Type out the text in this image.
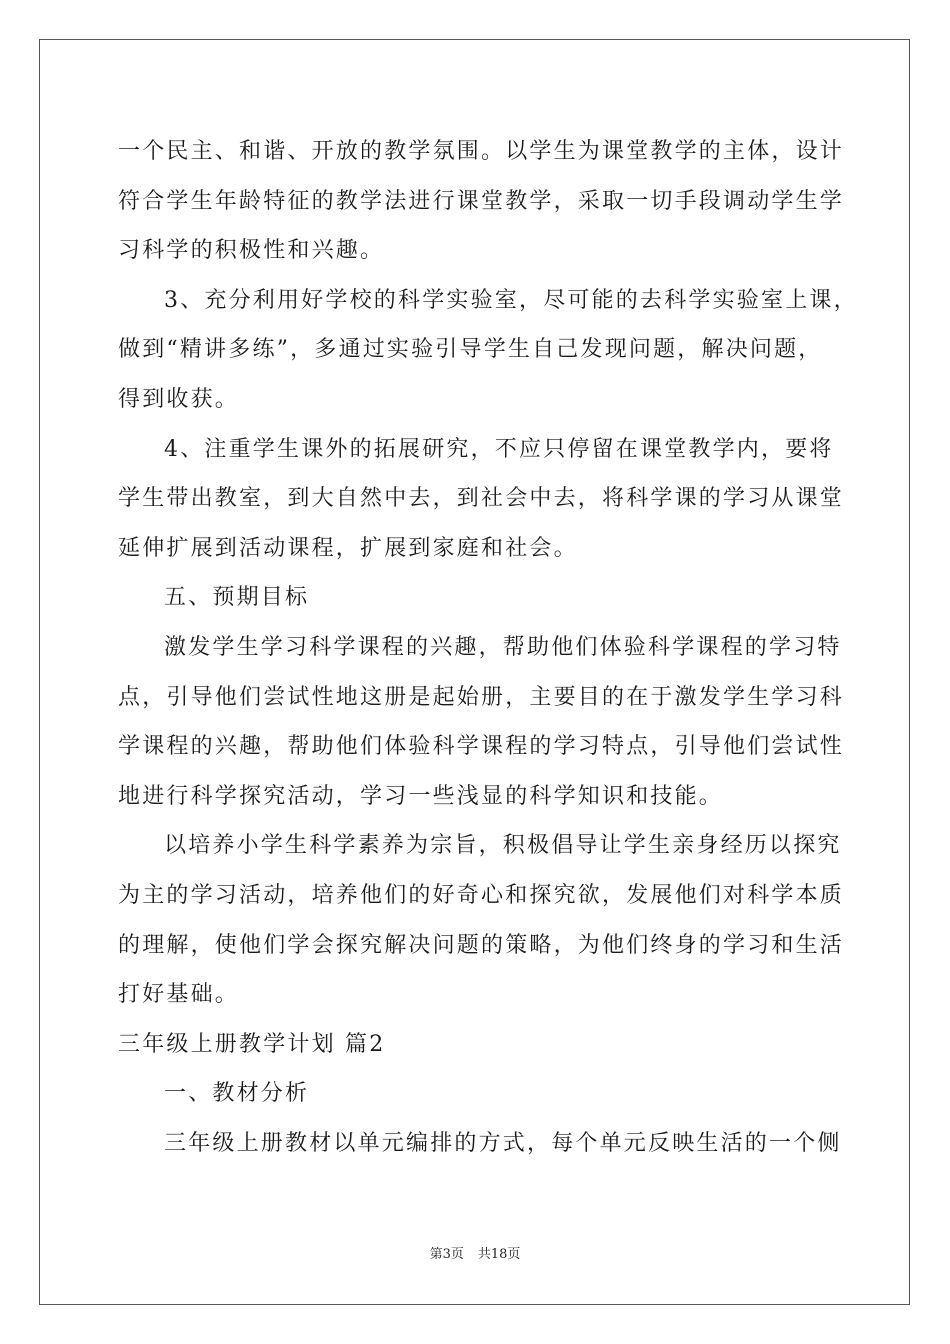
一个民主、和谐、开放的教学氛围。以学生为课堂教学的主体，设计
符合学生年龄特征的教学法进行课堂教学，采取一切手段调动学生学
习科学的积极性和兴趣。
3、充分利用好学校的科学实验室，尽可能的去科学实验室上课，
做到“精讲多练”，多通过实验引导学生自己发现问题，解决问题，
得到收获。
4、注重学生课外的拓展研究，不应只停留在课堂教学内，要将
学生带出教室，到大自然中去，到社会中去，将科学课的学习从课堂
延伸扩展到活动课程，扩展到家庭和社会。
五、预期目标
激发学生学习科学课程的兴趣，帮助他们体验科学课程的学习特
点，引导他们尝试性地这册是起始册，主要目的在于激发学生学习科
学课程的兴趣，帮助他们体验科学课程的学习特点，引导他们尝试性
地进行科学探究活动，学习一些浅显的科学知识和技能。
以培养小学生科学素养为宗旨，积极倡导让学生亲身经历以探究
为主的学习活动，培养他们的好奇心和探究欲，发展他们对科学本质
的理解，使他们学会探究解决问题的策略，为他们终身的学习和生活
打好基础。
三年级上册教学计划 篇2
一、教材分析
三年级上册教材以单元编排的方式，每个单元反映生活的一个侧
第3页 共18页
